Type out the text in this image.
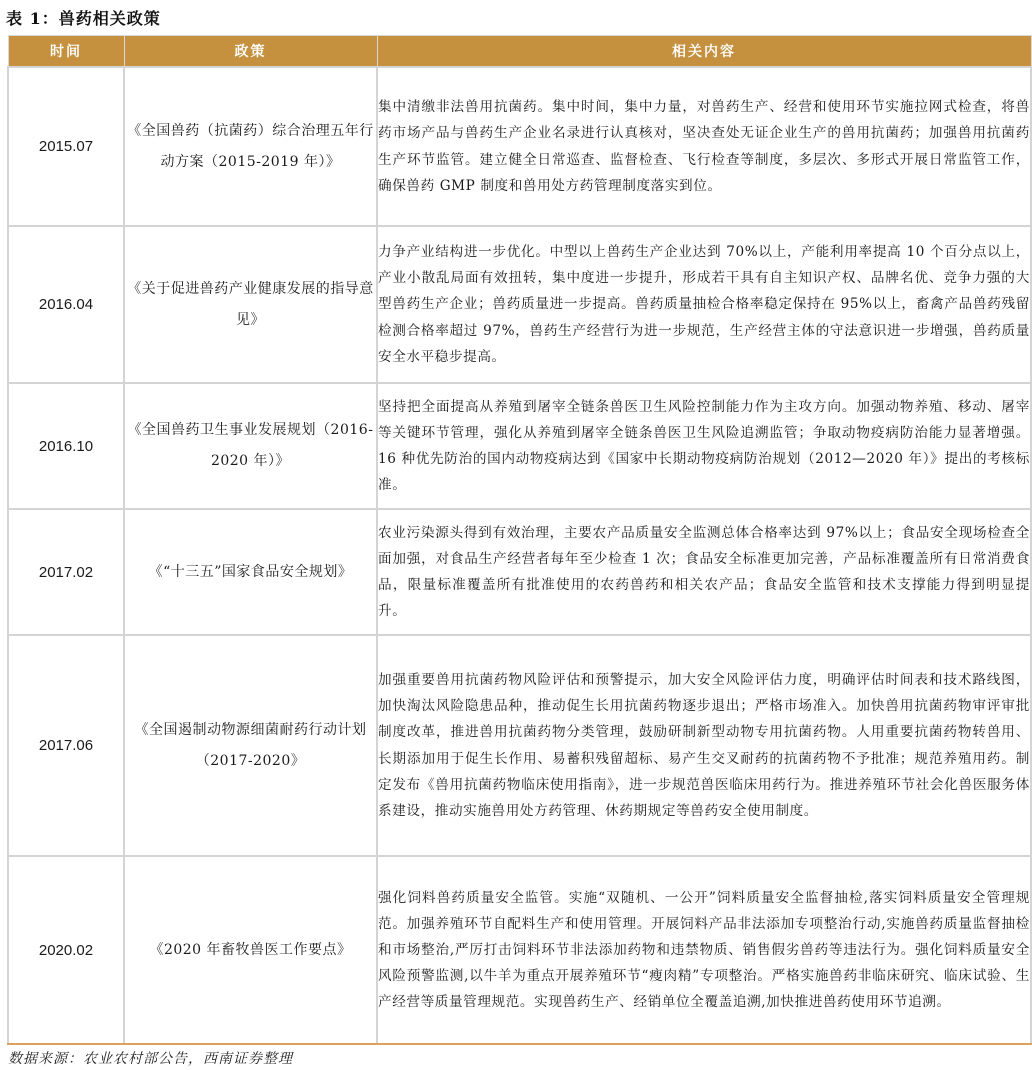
表 1：兽药相关政策
时间	政策	相关内容
2015.07	《全国兽药（抗菌药）综合治理五年行动方案（2015-2019 年）》	集中清缴非法兽用抗菌药。集中时间，集中力量，对兽药生产、经营和使用环节实施拉网式检查，将兽药市场产品与兽药生产企业名录进行认真核对，坚决查处无证企业生产的兽用抗菌药；加强兽用抗菌药生产环节监管。建立健全日常巡查、监督检查、飞行检查等制度，多层次、多形式开展日常监管工作，确保兽药 GMP 制度和兽用处方药管理制度落实到位。
2016.04	《关于促进兽药产业健康发展的指导意见》	力争产业结构进一步优化。中型以上兽药生产企业达到 70%以上，产能利用率提高 10 个百分点以上，产业小散乱局面有效扭转，集中度进一步提升，形成若干具有自主知识产权、品牌名优、竞争力强的大型兽药生产企业；兽药质量进一步提高。兽药质量抽检合格率稳定保持在 95%以上，畜禽产品兽药残留检测合格率超过 97%，兽药生产经营行为进一步规范，生产经营主体的守法意识进一步增强，兽药质量安全水平稳步提高。
2016.10	《全国兽药卫生事业发展规划（2016-2020 年）》	坚持把全面提高从养殖到屠宰全链条兽医卫生风险控制能力作为主攻方向。加强动物养殖、移动、屠宰等关键环节管理，强化从养殖到屠宰全链条兽医卫生风险追溯监管；争取动物疫病防治能力显著增强。16 种优先防治的国内动物疫病达到《国家中长期动物疫病防治规划（2012—2020 年）》提出的考核标准。
2017.02	《“十三五”国家食品安全规划》	农业污染源头得到有效治理，主要农产品质量安全监测总体合格率达到 97%以上；食品安全现场检查全面加强，对食品生产经营者每年至少检查 1 次；食品安全标准更加完善，产品标准覆盖所有日常消费食品，限量标准覆盖所有批准使用的农药兽药和相关农产品；食品安全监管和技术支撑能力得到明显提升。
2017.06	《全国遏制动物源细菌耐药行动计划（2017-2020》	加强重要兽用抗菌药物风险评估和预警提示，加大安全风险评估力度，明确评估时间表和技术路线图，加快淘汰风险隐患品种，推动促生长用抗菌药物逐步退出；严格市场准入。加快兽用抗菌药物审评审批制度改革，推进兽用抗菌药物分类管理，鼓励研制新型动物专用抗菌药物。人用重要抗菌药物转兽用、长期添加用于促生长作用、易蓄积残留超标、易产生交叉耐药的抗菌药物不予批准；规范养殖用药。制定发布《兽用抗菌药物临床使用指南》，进一步规范兽医临床用药行为。推进养殖环节社会化兽医服务体系建设，推动实施兽用处方药管理、休药期规定等兽药安全使用制度。
2020.02	《2020 年畜牧兽医工作要点》	强化饲料兽药质量安全监管。实施“双随机、一公开”饲料质量安全监督抽检,落实饲料质量安全管理规范。加强养殖环节自配料生产和使用管理。开展饲料产品非法添加专项整治行动,实施兽药质量监督抽检和市场整治,严厉打击饲料环节非法添加药物和违禁物质、销售假劣兽药等违法行为。强化饲料质量安全风险预警监测,以牛羊为重点开展养殖环节“瘦肉精”专项整治。严格实施兽药非临床研究、临床试验、生产经营等质量管理规范。实现兽药生产、经销单位全覆盖追溯,加快推进兽药使用环节追溯。
数据来源：农业农村部公告，西南证券整理
